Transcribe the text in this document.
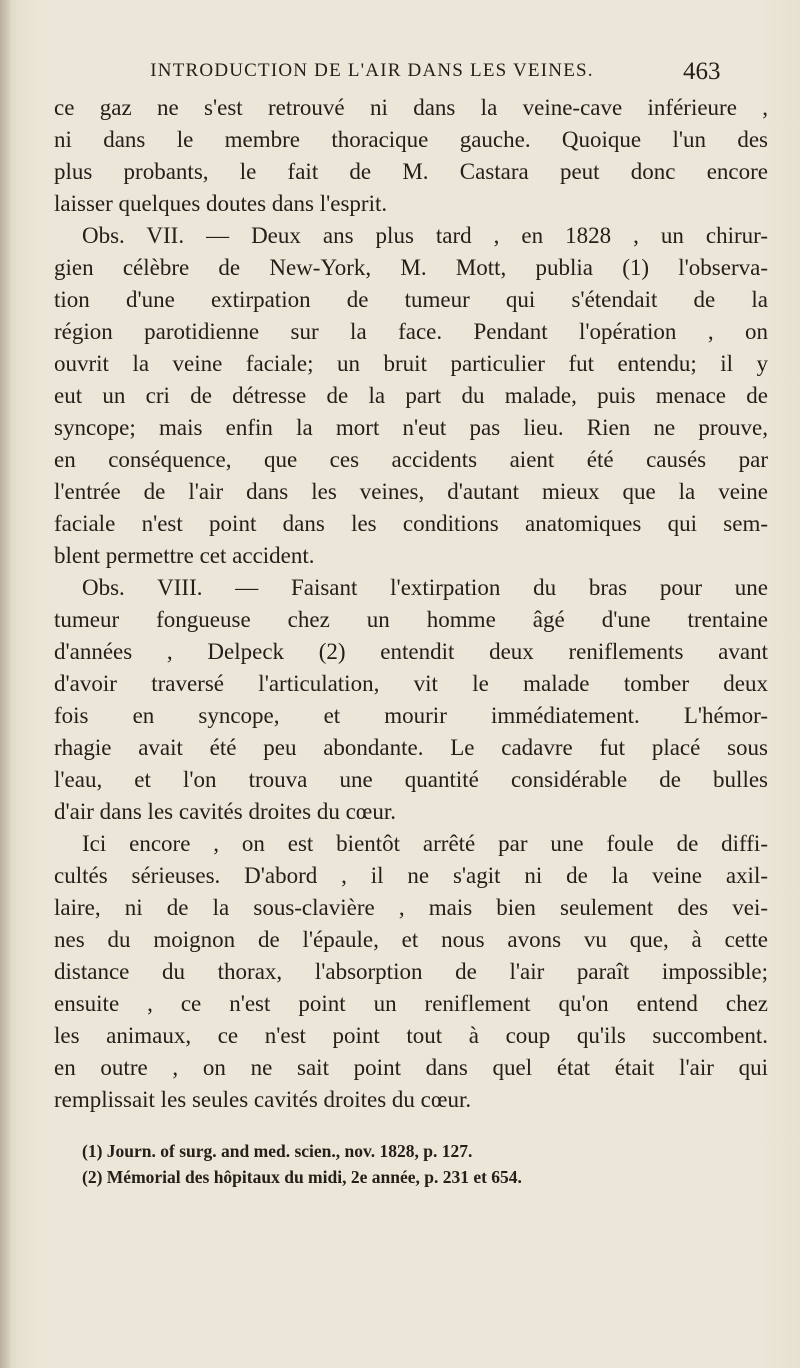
INTRODUCTION DE L'AIR DANS LES VEINES.	463
ce gaz ne s'est retrouvé ni dans la veine-cave inférieure ,
ni dans le membre thoracique gauche. Quoique l'un des
plus probants, le fait de M. Castara peut donc encore
laisser quelques doutes dans l'esprit.
Obs. VII. — Deux ans plus tard , en 1828 , un chirur-
gien célèbre de New-York, M. Mott, publia (1) l'observa-
tion d'une extirpation de tumeur qui s'étendait de la
région parotidienne sur la face. Pendant l'opération , on
ouvrit la veine faciale; un bruit particulier fut entendu; il y
eut un cri de détresse de la part du malade, puis menace de
syncope; mais enfin la mort n'eut pas lieu. Rien ne prouve,
en conséquence, que ces accidents aient été causés par
l'entrée de l'air dans les veines, d'autant mieux que la veine
faciale n'est point dans les conditions anatomiques qui sem-
blent permettre cet accident.
Obs. VIII. — Faisant l'extirpation du bras pour une
tumeur fongueuse chez un homme âgé d'une trentaine
d'années , Delpeck (2) entendit deux reniflements avant
d'avoir traversé l'articulation, vit le malade tomber deux
fois en syncope, et mourir immédiatement. L'hémor-
rhagie avait été peu abondante. Le cadavre fut placé sous
l'eau, et l'on trouva une quantité considérable de bulles
d'air dans les cavités droites du cœur.
Ici encore , on est bientôt arrêté par une foule de diffi-
cultés sérieuses. D'abord , il ne s'agit ni de la veine axil-
laire, ni de la sous-clavière , mais bien seulement des vei-
nes du moignon de l'épaule, et nous avons vu que, à cette
distance du thorax, l'absorption de l'air paraît impossible;
ensuite , ce n'est point un reniflement qu'on entend chez
les animaux, ce n'est point tout à coup qu'ils succombent.
en outre , on ne sait point dans quel état était l'air qui
remplissait les seules cavités droites du cœur.
(1) Journ. of surg. and med. scien., nov. 1828, p. 127.
(2) Mémorial des hôpitaux du midi, 2e année, p. 231 et 654.
